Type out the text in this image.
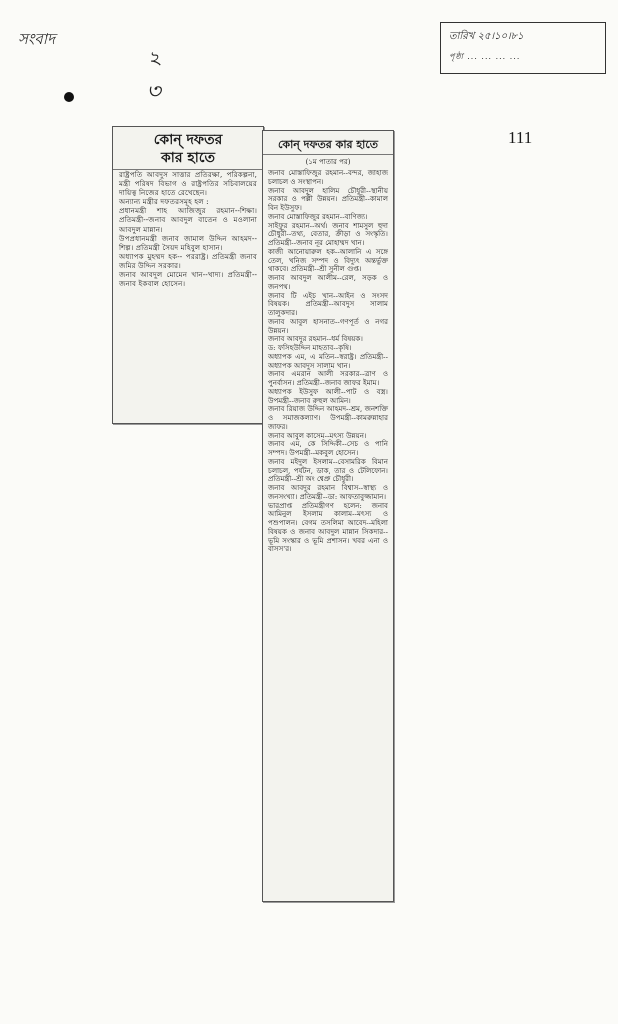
সংবাদ
২
৩
তারিখ ২৫।১০।৮১
পৃষ্ঠা ... ... ... ...
111
কোন্ দফতর
কার হাতে

রাষ্ট্রপতি আবদুস সাত্তার প্রতিরক্ষা, পরিকল্পনা, মন্ত্রী পরিষদ বিভাগ ও রাষ্ট্রপতির সচিবালয়ের দায়িত্ব নিজের হাতে রেখেছেন।

অন্যান্য মন্ত্রীর দফতরসমূহ হল :

প্রধানমন্ত্রী শাহ আজিজুর রহমান--শিক্ষা। প্রতিমন্ত্রী--জনাব আবদুল বাতেন ও মওলানা আবদুল মান্নান।

উপপ্রধানমন্ত্রী জনাব জামাল উদ্দিন আহমদ--শিল্প। প্রতিমন্ত্রী সৈয়দ মহিবুল হাসান।

অধ্যাপক মুহম্মদ হক-- পররাষ্ট্র। প্রতিমন্ত্রী জনাব জমির উদ্দিন সরকার।

জনাব আবদুল মোমেন খান--খাদ্য। প্রতিমন্ত্রী--জনাব ইকবাল হোসেন।

কোন্ দফতর কার হাতে
(১ম পাতার পর)

জনাব মোস্তাফিজুর রহমান--বন্দর, জাহাজ চলাচল ও সংস্থাপন।

জনাব আবদুল হালিম চৌধুরী--স্থানীয় সরকার ও পল্লী উন্নয়ন। প্রতিমন্ত্রী--কামাল বিন ইউসুফ।

জনাব মোস্তাফিজুর রহমান--বাণিজ্য।

সাইফুর রহমান--অর্থ। জনাব শামসুল হুদা চৌধুরী--তথ্য, বেতার, ক্রীড়া ও সংস্কৃতি। প্রতিমন্ত্রী--জনাব নূর মোহাম্মদ খান।

কাজী আনোয়ারুল হক--আলানি এ সঙ্গে তেল, খনিজ সম্পদ ও বিদ্যুৎ অন্তর্ভুক্ত থাকবে। প্রতিমন্ত্রী--শ্রী সুনীল গুপ্ত।

জনাব আবদুল আলীম--রেল, সড়ক ও জনপথ।

জনাব টি এইচ খান--আইন ও সংসদ বিষয়ক। প্রতিমন্ত্রী--আবদুস সালাম তালুকদার।

জনাব আবুল হাসনাত--গণপূর্ত ও নগর উন্নয়ন।

জনাব আবদুর রহমান--ধর্ম বিষয়ক।

ড: ফসিহউদ্দিন মাহতাব--কৃষি।

অধ্যাপক এম, এ মতিন--স্বরাষ্ট্র। প্রতিমন্ত্রী--অধ্যাপক আবদুস সালাম খান।

জনাব এমরান আলী সরকার--ত্রাণ ও পুনর্বাসন। প্রতিমন্ত্রী--জনাব জাফর ইমাম।

অধ্যাপক ইউসুফ আলী--পাট ও বস্ত্র। উপমন্ত্রী--জনাব রুহুল আমিন।

জনাব রিয়াজ উদ্দিন আহমদ--শ্রম, জনশক্তি ও সমাজকল্যাণ। উপমন্ত্রী--কামরুন্নাহার জাফর।

জনাব আবুল কাসেম--মৎস্য উন্নয়ন।

জনাব এম, কে সিদ্দিকী--সেচ ও পানি সম্পদ। উপমন্ত্রী--মকবুল হোসেন।

জনাব মইদুল ইসলাম--বেসামরিক বিমান চলাচল, পর্যটন, ডাক, তার ও টেলিফোন। প্রতিমন্ত্রী--শ্রী অং শ্বেপ্রু চৌধুরী।

জনাব আবদুর রহমান বিশ্বাস--স্বাস্থ্য ও জনসংখ্যা। প্রতিমন্ত্রী--ডা: আফতাবুজ্জামান।

ভারপ্রাপ্ত প্রতিমন্ত্রীগণ হলেন: জনাব আমিনুল ইসলাম কালাম--মৎস্য ও পশুপালন। বেগম তসলিমা আবেদ--মহিলা বিষয়ক ও জনাব আবদুল মান্নান সিকদার--ভূমি সংস্কার ও ভূমি প্রশাসন। খবর এনা ও বাসস'র।
